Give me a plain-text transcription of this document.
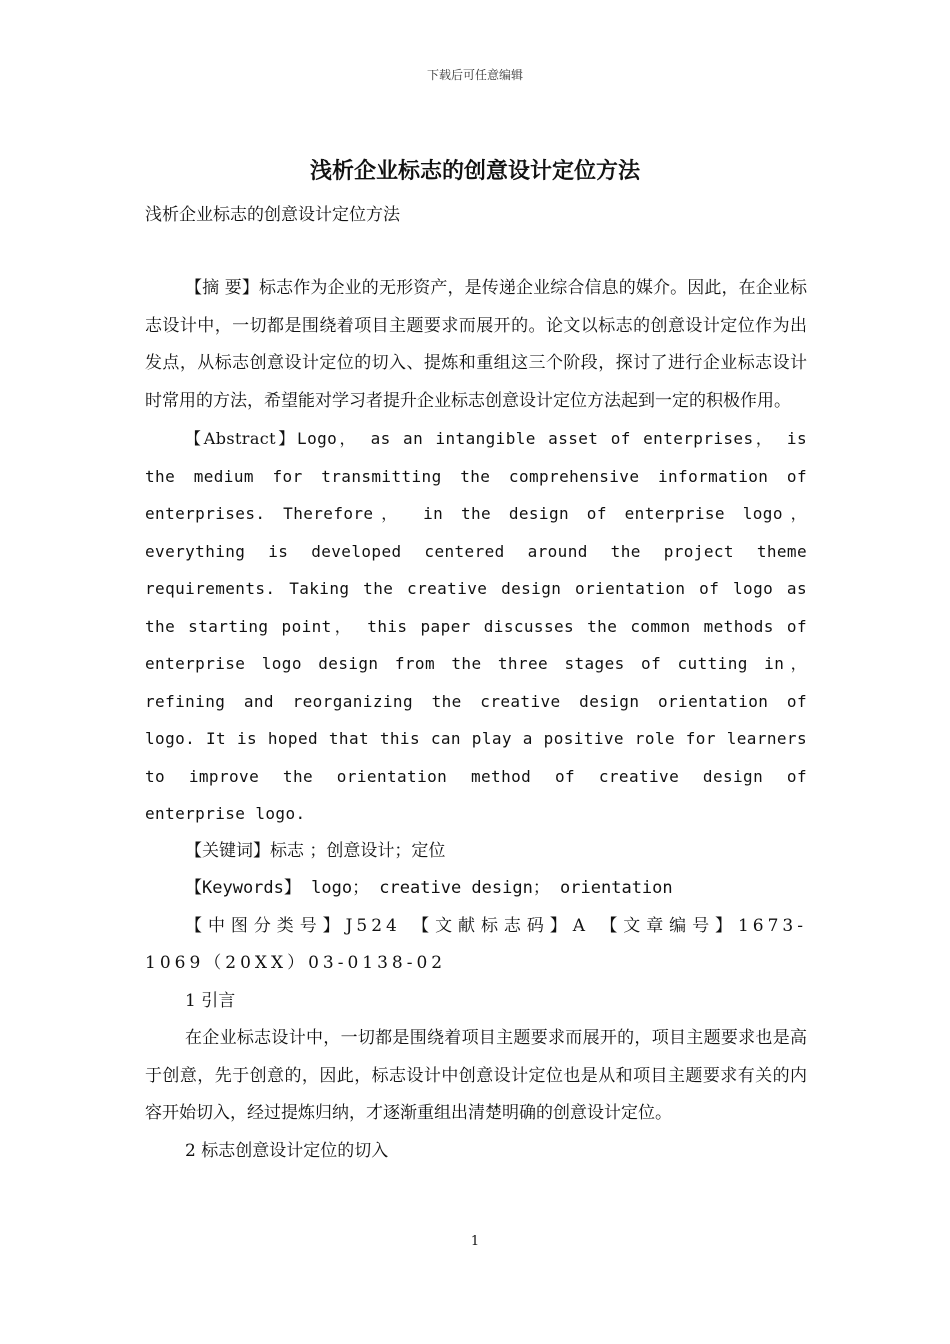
下载后可任意编辑
浅析企业标志的创意设计定位方法
浅析企业标志的创意设计定位方法

【摘 要】标志作为企业的无形资产，是传递企业综合信息的媒介。因此，在企业标志设计中，一切都是围绕着项目主题要求而展开的。论文以标志的创意设计定位作为出发点，从标志创意设计定位的切入、提炼和重组这三个阶段，探讨了进行企业标志设计时常用的方法，希望能对学习者提升企业标志创意设计定位方法起到一定的积极作用。

【Abstract】Logo， as an intangible asset of enterprises， is the medium for transmitting the comprehensive information of enterprises. Therefore， in the design of enterprise logo， everything is developed centered around the project theme requirements. Taking the creative design orientation of logo as the starting point， this paper discusses the common methods of enterprise logo design from the three stages of cutting in， refining and reorganizing the creative design orientation of logo. It is hoped that this can play a positive role for learners to improve the orientation method of creative design of enterprise logo.

【关键词】标志 ；创意设计；定位

【Keywords】 logo； creative design； orientation

【中图分类号】J524 【文献标志码】A 【文章编号】1673-1069（20XX）03-0138-02

1 引言

在企业标志设计中，一切都是围绕着项目主题要求而展开的，项目主题要求也是高于创意，先于创意的，因此，标志设计中创意设计定位也是从和项目主题要求有关的内容开始切入，经过提炼归纳，才逐渐重组出清楚明确的创意设计定位。

2 标志创意设计定位的切入

1
